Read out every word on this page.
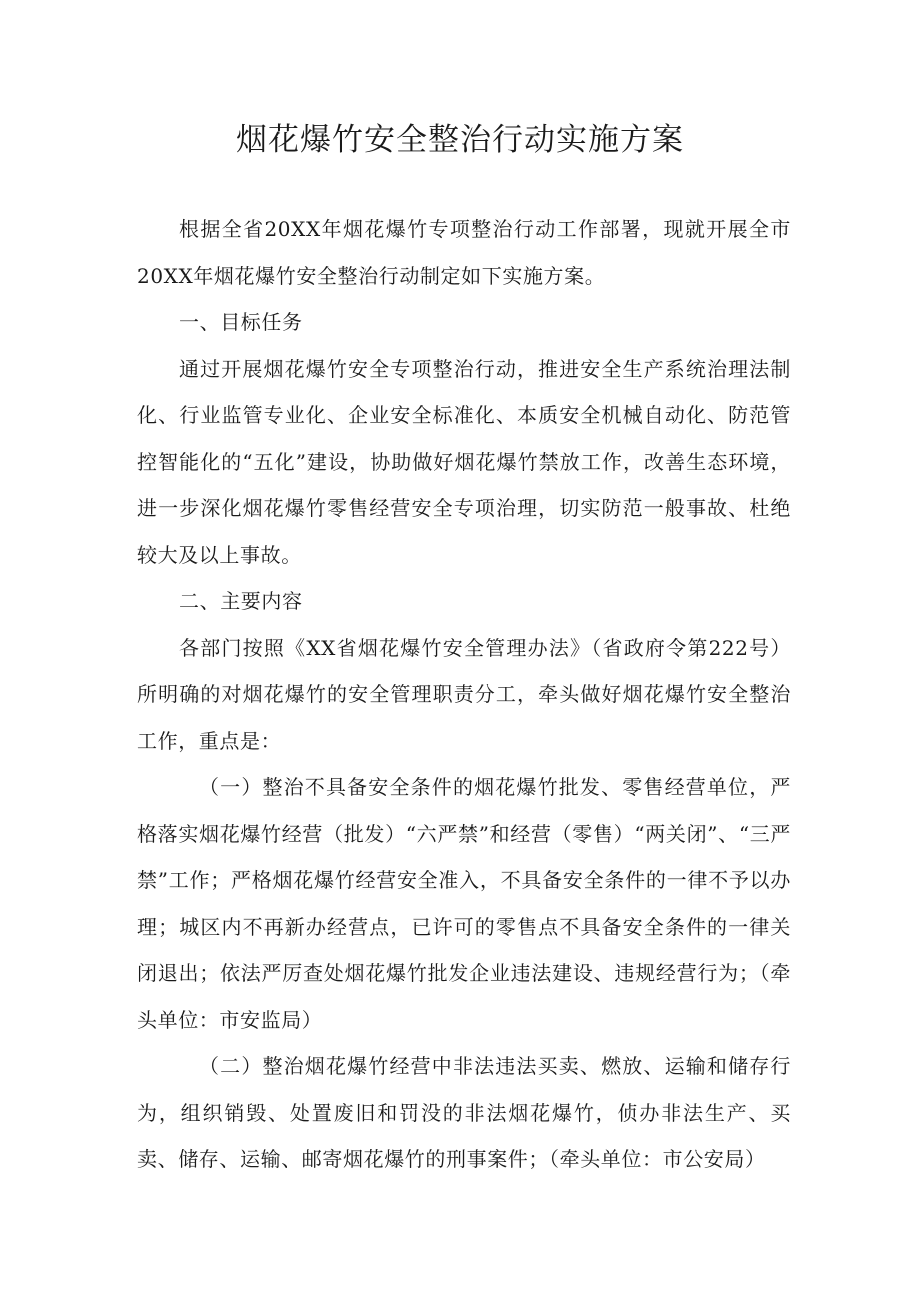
烟花爆竹安全整治行动实施方案

根据全省20XX年烟花爆竹专项整治行动工作部署，现就开展全市20XX年烟花爆竹安全整治行动制定如下实施方案。

一、目标任务

通过开展烟花爆竹安全专项整治行动，推进安全生产系统治理法制化、行业监管专业化、企业安全标准化、本质安全机械自动化、防范管控智能化的“五化”建设，协助做好烟花爆竹禁放工作，改善生态环境，进一步深化烟花爆竹零售经营安全专项治理，切实防范一般事故、杜绝较大及以上事故。

二、主要内容

各部门按照《XX省烟花爆竹安全管理办法》（省政府令第222号）所明确的对烟花爆竹的安全管理职责分工，牵头做好烟花爆竹安全整治工作，重点是：

（一）整治不具备安全条件的烟花爆竹批发、零售经营单位，严格落实烟花爆竹经营（批发）“六严禁”和经营（零售）“两关闭”、“三严禁”工作；严格烟花爆竹经营安全准入，不具备安全条件的一律不予以办理；城区内不再新办经营点，已许可的零售点不具备安全条件的一律关闭退出；依法严厉查处烟花爆竹批发企业违法建设、违规经营行为；（牵头单位：市安监局）

（二）整治烟花爆竹经营中非法违法买卖、燃放、运输和储存行为，组织销毁、处置废旧和罚没的非法烟花爆竹，侦办非法生产、买卖、储存、运输、邮寄烟花爆竹的刑事案件；（牵头单位：市公安局）
